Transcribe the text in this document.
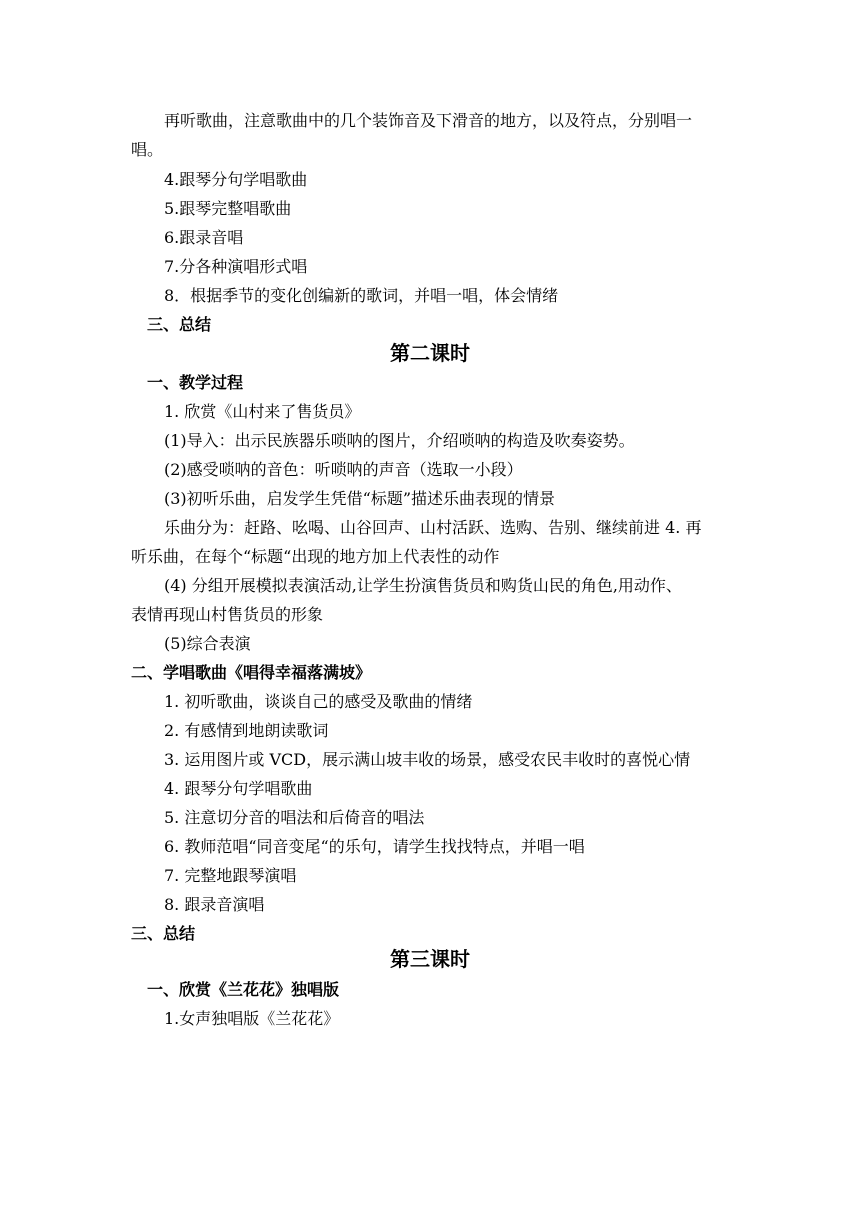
再听歌曲，注意歌曲中的几个装饰音及下滑音的地方，以及符点，分别唱一
唱。
4.跟琴分句学唱歌曲
5.跟琴完整唱歌曲
6.跟录音唱
7.分各种演唱形式唱
8．根据季节的变化创编新的歌词，并唱一唱，体会情绪
三、总结
第二课时
一、教学过程
1. 欣赏《山村来了售货员》
(1)导入：出示民族器乐唢呐的图片，介绍唢呐的构造及吹奏姿势。
(2)感受唢呐的音色：听唢呐的声音（选取一小段）
(3)初听乐曲，启发学生凭借“标题”描述乐曲表现的情景
乐曲分为：赶路、吆喝、山谷回声、山村活跃、选购、告别、继续前进 4. 再
听乐曲，在每个“标题“出现的地方加上代表性的动作
(4) 分组开展模拟表演活动,让学生扮演售货员和购货山民的角色,用动作、
表情再现山村售货员的形象
(5)综合表演
二、学唱歌曲《唱得幸福落满坡》
1. 初听歌曲，谈谈自己的感受及歌曲的情绪
2. 有感情到地朗读歌词
3. 运用图片或 VCD，展示满山坡丰收的场景，感受农民丰收时的喜悦心情
4. 跟琴分句学唱歌曲
5. 注意切分音的唱法和后倚音的唱法
6. 教师范唱“同音变尾“的乐句，请学生找找特点，并唱一唱
7. 完整地跟琴演唱
8. 跟录音演唱
三、总结
第三课时
一、欣赏《兰花花》独唱版
1.女声独唱版《兰花花》
